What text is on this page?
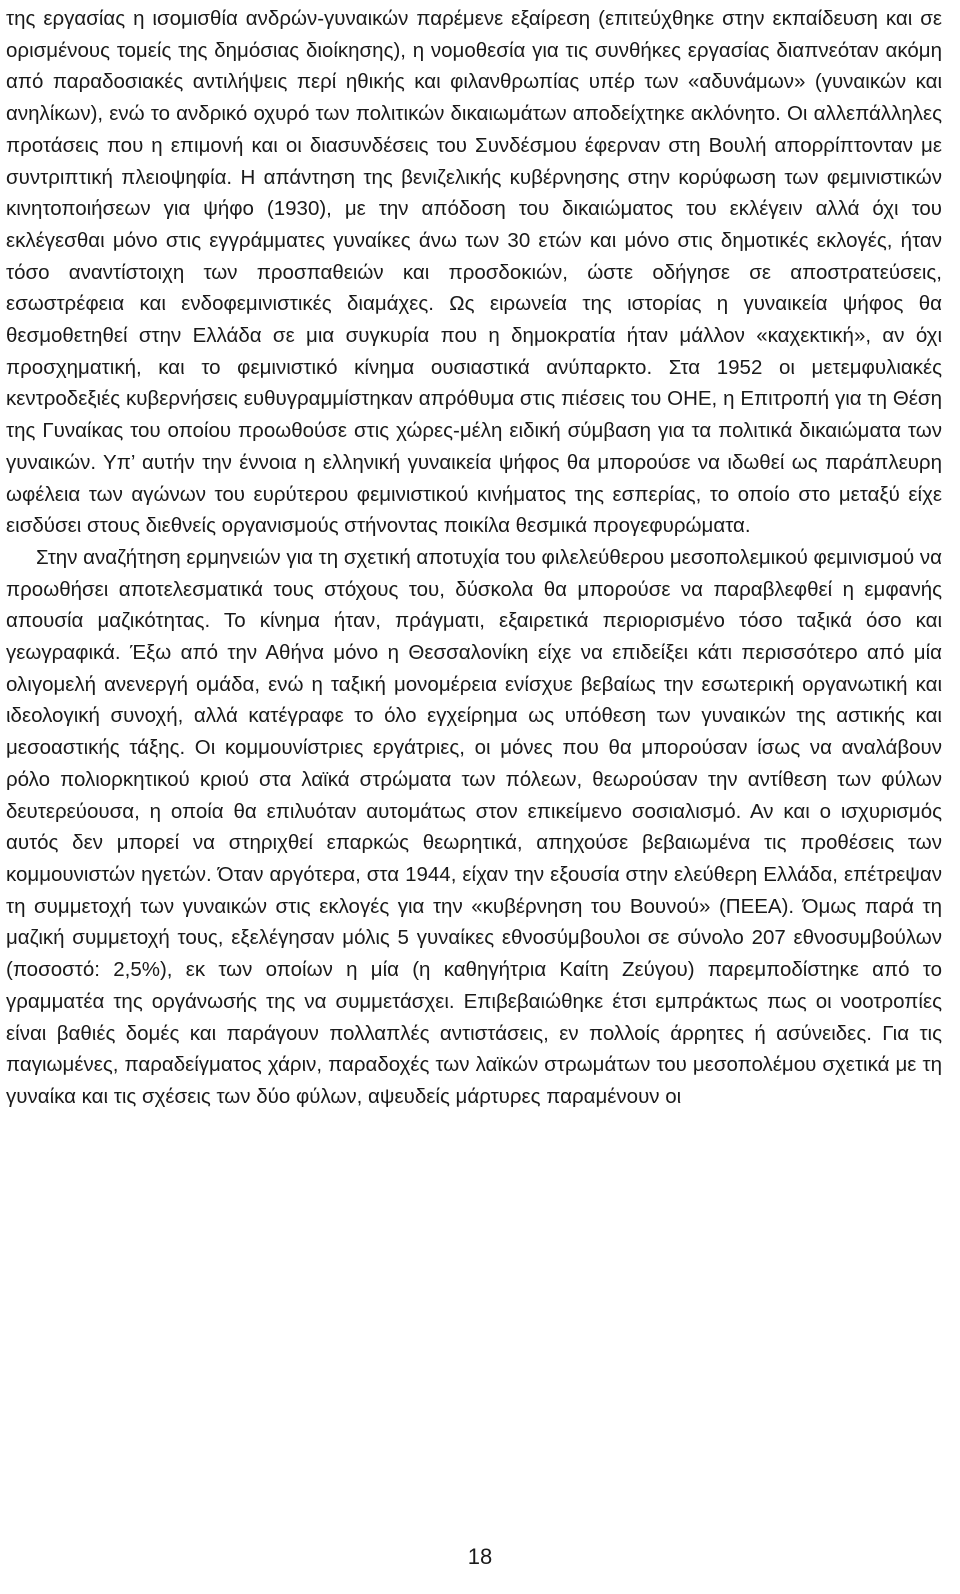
της εργασίας η ισομισθία ανδρών-γυναικών παρέμενε εξαίρεση (επιτεύχθηκε στην εκπαίδευση και σε ορισμένους τομείς της δημόσιας διοίκησης), η νομοθεσία για τις συνθήκες εργασίας διαπνεόταν ακόμη από παραδοσιακές αντιλήψεις περί ηθικής και φιλανθρωπίας υπέρ των «αδυνάμων» (γυναικών και ανηλίκων), ενώ το ανδρικό οχυρό των πολιτικών δικαιωμάτων αποδείχτηκε ακλόνητο. Οι αλλεπάλληλες προτάσεις που η επιμονή και οι διασυνδέσεις του Συνδέσμου έφερναν στη Βουλή απορρίπτονταν με συντριπτική πλειοψηφία. Η απάντηση της βενιζελικής κυβέρνησης στην κορύφωση των φεμινιστικών κινητοποιήσεων για ψήφο (1930), με την απόδοση του δικαιώματος του εκλέγειν αλλά όχι του εκλέγεσθαι μόνο στις εγγράμματες γυναίκες άνω των 30 ετών και μόνο στις δημοτικές εκλογές, ήταν τόσο αναντίστοιχη των προσπαθειών και προσδοκιών, ώστε οδήγησε σε αποστρατεύσεις, εσωστρέφεια και ενδοφεμινιστικές διαμάχες. Ως ειρωνεία της ιστορίας η γυναικεία ψήφος θα θεσμοθετηθεί στην Ελλάδα σε μια συγκυρία που η δημοκρατία ήταν μάλλον «καχεκτική», αν όχι προσχηματική, και το φεμινιστικό κίνημα ουσιαστικά ανύπαρκτο. Στα 1952 οι μετεμφυλιακές κεντροδεξιές κυβερνήσεις ευθυγραμμίστηκαν απρόθυμα στις πιέσεις του ΟΗΕ, η Επιτροπή για τη Θέση της Γυναίκας του οποίου προωθούσε στις χώρες-μέλη ειδική σύμβαση για τα πολιτικά δικαιώματα των γυναικών. Υπ’ αυτήν την έννοια η ελληνική γυναικεία ψήφος θα μπορούσε να ιδωθεί ως παράπλευρη ωφέλεια των αγώνων του ευρύτερου φεμινιστικού κινήματος της εσπερίας, το οποίο στο μεταξύ είχε εισδύσει στους διεθνείς οργανισμούς στήνοντας ποικίλα θεσμικά προγεφυρώματα.

Στην αναζήτηση ερμηνειών για τη σχετική αποτυχία του φιλελεύθερου μεσοπολεμικού φεμινισμού να προωθήσει αποτελεσματικά τους στόχους του, δύσκολα θα μπορούσε να παραβλεφθεί η εμφανής απουσία μαζικότητας. Το κίνημα ήταν, πράγματι, εξαιρετικά περιορισμένο τόσο ταξικά όσο και γεωγραφικά. Έξω από την Αθήνα μόνο η Θεσσαλονίκη είχε να επιδείξει κάτι περισσότερο από μία ολιγομελή ανενεργή ομάδα, ενώ η ταξική μονομέρεια ενίσχυε βεβαίως την εσωτερική οργανωτική και ιδεολογική συνοχή, αλλά κατέγραφε το όλο εγχείρημα ως υπόθεση των γυναικών της αστικής και μεσοαστικής τάξης. Οι κομμουνίστριες εργάτριες, οι μόνες που θα μπορούσαν ίσως να αναλάβουν ρόλο πολιορκητικού κριού στα λαϊκά στρώματα των πόλεων, θεωρούσαν την αντίθεση των φύλων δευτερεύουσα, η οποία θα επιλυόταν αυτομάτως στον επικείμενο σοσιαλισμό. Αν και ο ισχυρισμός αυτός δεν μπορεί να στηριχθεί επαρκώς θεωρητικά, απηχούσε βεβαιωμένα τις προθέσεις των κομμουνιστών ηγετών. Όταν αργότερα, στα 1944, είχαν την εξουσία στην ελεύθερη Ελλάδα, επέτρεψαν τη συμμετοχή των γυναικών στις εκλογές για την «κυβέρνηση του Βουνού» (ΠΕΕΑ). Όμως παρά τη μαζική συμμετοχή τους, εξελέγησαν μόλις 5 γυναίκες εθνοσύμβουλοι σε σύνολο 207 εθνοσυμβούλων (ποσοστό: 2,5%), εκ των οποίων η μία (η καθηγήτρια Καίτη Ζεύγου) παρεμποδίστηκε από το γραμματέα της οργάνωσής της να συμμετάσχει. Επιβεβαιώθηκε έτσι εμπράκτως πως οι νοοτροπίες είναι βαθιές δομές και παράγουν πολλαπλές αντιστάσεις, εν πολλοίς άρρητες ή ασύνειδες. Για τις παγιωμένες, παραδείγματος χάριν, παραδοχές των λαϊκών στρωμάτων του μεσοπολέμου σχετικά με τη γυναίκα και τις σχέσεις των δύο φύλων, αψευδείς μάρτυρες παραμένουν οι

18
